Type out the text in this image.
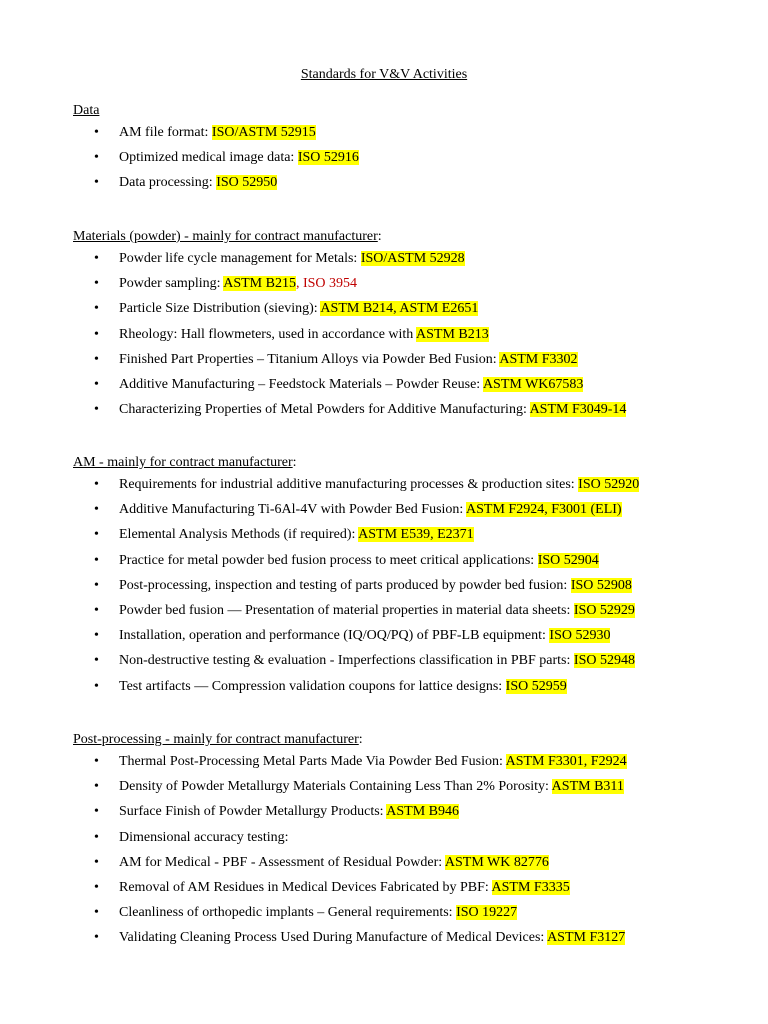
Standards for V&V Activities
Data
• AM file format: ISO/ASTM 52915
• Optimized medical image data: ISO 52916
• Data processing: ISO 52950
Materials (powder) - mainly for contract manufacturer:
• Powder life cycle management for Metals: ISO/ASTM 52928
• Powder sampling: ASTM B215, ISO 3954
• Particle Size Distribution (sieving): ASTM B214, ASTM E2651
• Rheology: Hall flowmeters, used in accordance with ASTM B213
• Finished Part Properties – Titanium Alloys via Powder Bed Fusion: ASTM F3302
• Additive Manufacturing – Feedstock Materials – Powder Reuse: ASTM WK67583
• Characterizing Properties of Metal Powders for Additive Manufacturing: ASTM F3049-14
AM - mainly for contract manufacturer:
• Requirements for industrial additive manufacturing processes & production sites: ISO 52920
• Additive Manufacturing Ti-6Al-4V with Powder Bed Fusion: ASTM F2924, F3001 (ELI)
• Elemental Analysis Methods (if required): ASTM E539, E2371
• Practice for metal powder bed fusion process to meet critical applications: ISO 52904
• Post-processing, inspection and testing of parts produced by powder bed fusion: ISO 52908
• Powder bed fusion — Presentation of material properties in material data sheets: ISO 52929
• Installation, operation and performance (IQ/OQ/PQ) of PBF-LB equipment: ISO 52930
• Non-destructive testing & evaluation - Imperfections classification in PBF parts: ISO 52948
• Test artifacts — Compression validation coupons for lattice designs: ISO 52959
Post-processing - mainly for contract manufacturer:
• Thermal Post-Processing Metal Parts Made Via Powder Bed Fusion: ASTM F3301, F2924
• Density of Powder Metallurgy Materials Containing Less Than 2% Porosity: ASTM B311
• Surface Finish of Powder Metallurgy Products: ASTM B946
• Dimensional accuracy testing:
• AM for Medical - PBF - Assessment of Residual Powder: ASTM WK 82776
• Removal of AM Residues in Medical Devices Fabricated by PBF: ASTM F3335
• Cleanliness of orthopedic implants – General requirements: ISO 19227
• Validating Cleaning Process Used During Manufacture of Medical Devices: ASTM F3127
